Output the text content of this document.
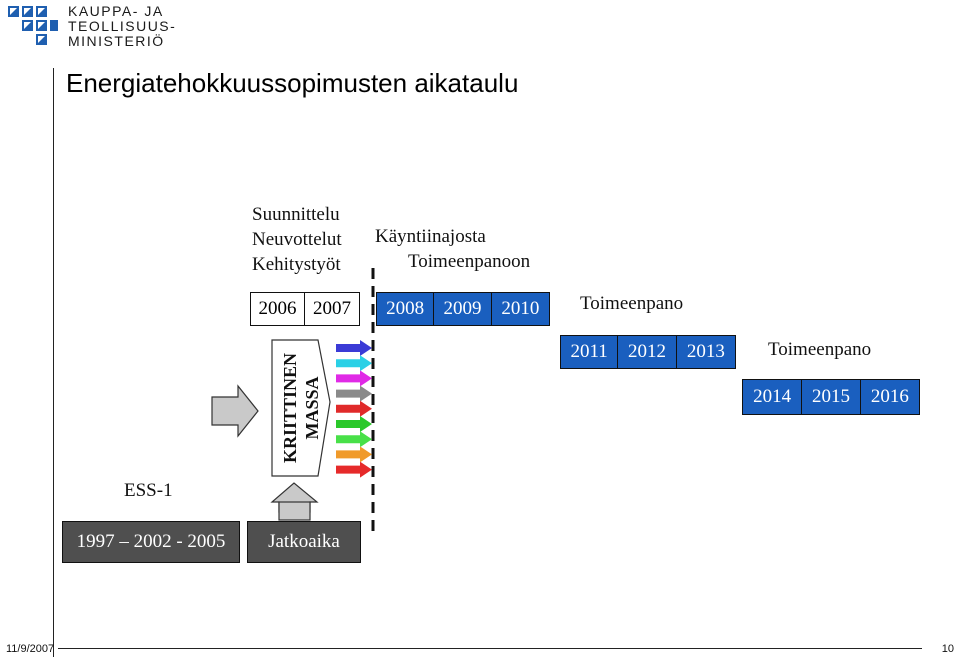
KAUPPA- JA
TEOLLISUUS-
MINISTERIÖ
Energiatehokkuussopimusten aikataulu
Suunnittelu
Neuvottelut
Kehitystyöt
Käyntiinajosta
Toimeenpanoon
KRIITTINEN MASSA
2006 2007	2008	2009	2010	Toimeenpano
2011	2012	2013	Toimeenpano
2014	2015	2016
ESS-1
1997 – 2002 - 2005	Jatkoaika
11/9/2007	10
